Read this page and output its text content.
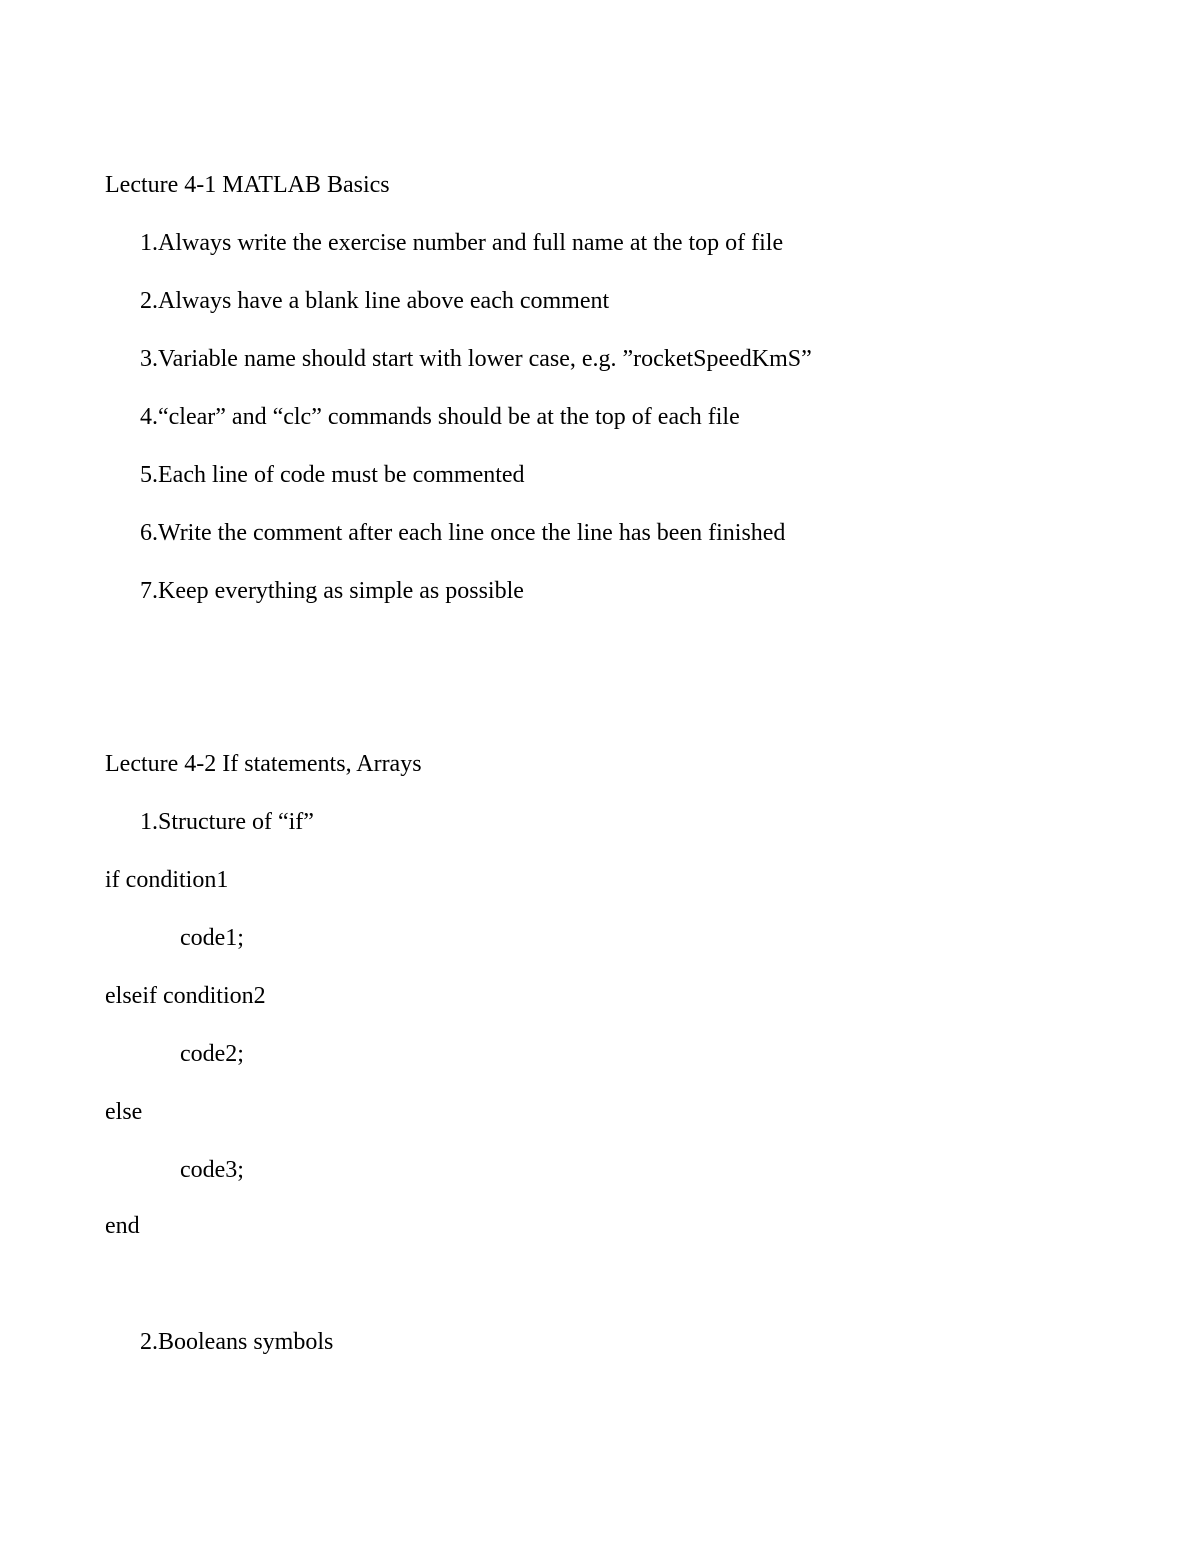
Lecture 4-1 MATLAB Basics
1.Always write the exercise number and full name at the top of file
2.Always have a blank line above each comment
3.Variable name should start with lower case, e.g. ”rocketSpeedKmS”
4.“clear” and “clc” commands should be at the top of each file
5.Each line of code must be commented
6.Write the comment after each line once the line has been finished
7.Keep everything as simple as possible
Lecture 4-2 If statements, Arrays
1.Structure of “if”
if condition1
code1;
elseif condition2
code2;
else
code3;
end
2.Booleans symbols
